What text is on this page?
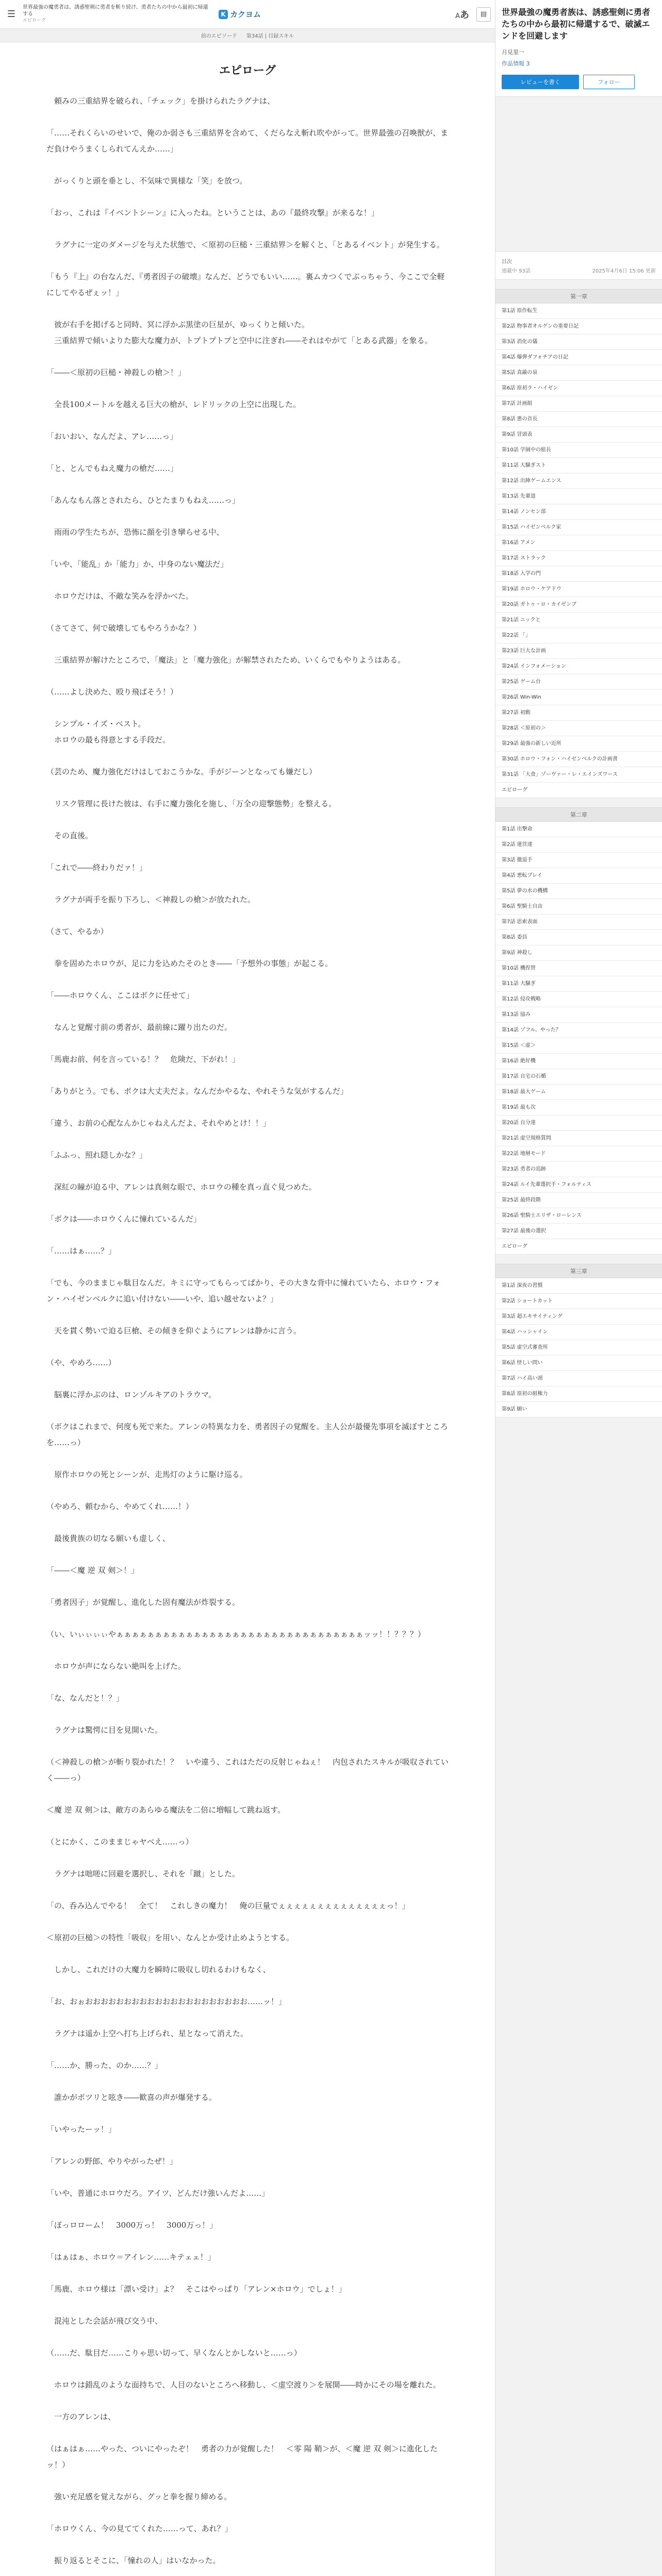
☰
世界最強の魔勇者は、誘惑聖剣に勇者を斬り続け、勇者たちの中から最初に帰還する
エピローグ
K カクヨム	Aあ	▤
前のエピソード 第34話 | 目録スキル
エピローグ

　頼みの三重結界を破られ、「チェック」を掛けられたラグナは、

「……それくらいのせいで、俺のか弱さも三重結界を含めて、くだらなえ斬れ吹やがって。世界最強の召喚獣が、まだ負けやうまくしられてんえか……」

　がっくりと頭を垂とし、不気味で異様な「笑」を放つ。

「おっ、これは『イベントシーン』に入ったね。ということは、あの『最終攻撃』が来るな！」

　ラグナに一定のダメージを与えた状態で、＜原初の巨槌・三重結界＞を解くと、「とあるイベント」が発生する。

「もう『上』の台なんだ、『勇者因子の破壊』なんだ、どうでもいい……。裏ムカつくでぶっちゃう、今ここで全軽にしてやるぜぇッ！」

　彼が右手を掲げると同時、冥に浮かぶ黒塗の巨星が、ゆっくりと傾いた。

　三重結界で傾いよりた膨大な魔力が、トプトプトプと空中に注ぎれ――それはやがて「とある武器」を象る。

「――＜原初の巨槌・神殺しの槍＞！」

　全長100メートルを越える巨大の槍が、レドリックの上空に出現した。

「おいおい、なんだよ、アレ……っ」

「と、とんでもねえ魔力の槍だ……」

「あんなもん落とされたら、ひとたまりもねえ……っ」

　雨雨の学生たちが、恐怖に顔を引き攣らせる中、

「いや、「能乱」か「能力」か、中身のない魔法だ」

　ホロウだけは、不敵な笑みを浮かべた。

（さてさて、何で破壊してもやろうかな？）

　三重結界が解けたところで、「魔法」と「魔力強化」が解禁されたため、いくらでもやりようはある。

（……よし決めた、殴り飛ばそう！）

　シンプル・イズ・ベスト。

　ホロウの最も得意とする手段だ。

（芸のため、魔力強化だけはしておこうかな。手がジーンとなっても嫌だし）

　リスク管理に長けた彼は、右手に魔力強化を施し、「万全の迎撃態勢」を整える。

　その直後。

「これで――終わりだァ！」

　ラグナが両手を振り下ろし、＜神殺しの槍＞が放たれた。

（さて、やるか）

　拳を固めたホロウが、足に力を込めたそのとき――「予想外の事態」が起こる。

「――ホロウくん、ここはボクに任せて」

　なんと覚醒寸前の勇者が、最前線に躍り出たのだ。

「馬鹿お前、何を言っている！？　危険だ、下がれ！」

「ありがとう。でも、ボクは大丈夫だよ。なんだかやるな、やれそうな気がするんだ」

「違う、お前の心配なんかじゃねえんだよ、それやめとけ！！」

「ふふっ、照れ隠しかな？」

　深紅の瞳が迫る中、アレンは真剣な眼で、ホロウの種を真っ直ぐ見つめた。

「ボクは――ホロウくんに憧れているんだ」

「……はぁ……？」

「でも、今のままじゃ駄目なんだ。キミに守ってもらってばかり、その大きな背中に憧れていたら、ホロウ・フォン・ハイゼンベルクに追い付けない――いや、追い越せないよ？」

　天を貫く勢いで迫る巨槍、その傾きを仰ぐようにアレンは静かに言う。

（や、やめろ……）

　脳裏に浮かぶのは、ロンゾルキアのトラウマ。

（ボクはこれまで、何度も死で来た。アレンの特異な力を、勇者因子の覚醒を。主人公が最優先事項を滅ぼすところを……っ）

　原作ホロウの死とシーンが、走馬灯のように駆け巡る。

（やめろ、頼むから、やめてくれ……！）

　最後貴族の切なる願いも虚しく、

「――＜魔 逆 双 剣＞！」

「勇者因子」が覚醒し、進化した固有魔法が炸裂する。

（い、いぃぃぃぃやぁぁぁぁぁぁぁぁぁぁぁぁぁぁぁぁぁぁぁぁぁぁぁぁぁぁぁぁぁぁぁぁッッ！！？？？）

　ホロウが声にならない絶叫を上げた。

「な、なんだと！？」

　ラグナは驚愕に目を見開いた。

（＜神殺しの槍＞が斬り裂かれた！？　いや違う、これはただの反射じゃねぇ！　内包されたスキルが吸収されていく――っ）

＜魔 逆 双 剣＞は、敵方のあらゆる魔法を二倍に増幅して跳ね返す。

（とにかく、このままじゃヤベえ……っ）

　ラグナは咄嗟に回避を選択し、それを「蹴」とした。

「の、呑み込んでやる！　全て！　これしきの魔力！　俺の巨量でぇぇぇぇぇぇぇぇぇぇぇぇぇぇっ！」

＜原初の巨槌＞の特性「吸収」を用い、なんとか受け止めようとする。

　しかし、これだけの大魔力を瞬時に吸収し切れるわけもなく、

「お、おぉおおおおおおおおおおおおおおおおおおおおお……ッ！」

　ラグナは遥か上空へ打ち上げられ、星となって消えた。

「……か、勝った、のか……？」

　誰かがポツリと呟き――歓喜の声が爆発する。

「いやったーッ！」

「アレンの野郎、やりやがったぜ！」

「いや、普通にホロウだろ。アイツ、どんだけ強いんだよ……」

「ぼっロローム！　3000万っ！　3000万っ！」

「はぁはぁ、ホロウ＝アイレン……キテェェ！」

「馬鹿、ホロウ様は「漂い受け」よ？　そこはやっぱり「アレン×ホロウ」でしょ！」

　混沌とした会話が飛び交う中、

（……だ、駄目だ……こりゃ思い切って、早くなんとかしないと……っ）

　ホロウは錯乱のような面持ちで、人目のないところへ移動し、＜虚空渡り＞を展開――時かにその場を離れた。

　一方のアレンは、

（はぁはぁ……やった、ついにやったぞ！　勇者の力が覚醒した！　＜零 陽 鞘＞が、＜魔 逆 双 剣＞に進化したッ！）

　強い充足感を覚えながら、グッと拳を握り締める。

「ホロウくん、今の見ててくれた……って、あれ？」

　振り返るとそこに、「憧れの人」はいなかった。

世界最強の魔勇者族は、誘惑聖剣に勇者たちの中から最初に帰還するで、破滅エンドを回避します
月見里一
作品情報 3
レビューを書く	フォロー
目次
連載中 93話	2025年4月6日 15:06 更新
第一章
第1話 原作転生
第2話 物事者オルゲンの重要日記
第3話 消化の儀
第4話 爆弾ダフォチアの日記
第5話 真鍮の泉
第6話 原初ラ・ハイゼン
第7話 計画組
第8話 悪の首長
第9話 冒頭表
第10話 学園中の組長
第11話 大騒ぎスト
第12話 出陣ゲームエンス
第13話 先輩道
第14話 ノンセン部
第15話 ハイゼンベルク家
第16話 アメン
第17話 ストラック
第18話 入学の門
第19話 ホロウ・ケアドウ
第20話 ガトゥ・ロ・カイゼンブ
第21話 ニックと
第22話 「」
第23話 巨大な計画
第24話 インフォメーション
第25話 ゲーム台
第26話 Win-Win
第27話 初動
第28話 ＜原初の＞
第29話 最強の新しい近所
第30話 ホロウ・フォン・ハイゼンベルクの計画書
第31話 「大食」ゾーヴァー・レ・エインズワース
エピローグ
第二章
第1話 出撃命
第2話 運営達
第3話 撤退手
第4話 悪転プレイ
第5話 夢の水の機構
第6話 聖騎士自由
第7話 思索表面
第8話 委員
第9話 神殺し
第10話 機捏替
第11話 大騒ぎ
第12話 侵攻戦略
第13話 協み
第14話 ゾフル、やった？
第15話 ＜虚＞
第16話 絶好機
第17話 自宅の石楯
第18話 最大ゲーム
第19話 最も次
第20話 自分達
第21話 虚空規格質問
第22話 地層モード
第23話 勇者の追跡
第24話 ルイ先輩選択手・フォルティス
第25話 最終段階
第26話 聖騎士エリザ・ローレンス
第27話 最後の選択
エピローグ
第三章
第1話 深夜の習慣
第2話 ショートカット
第3話 超エキサイティング
第4話 ハッシャイン
第5話 虚空式審査所
第6話 怪しい問い
第7話 ハイ高い頭
第8話 原初の組権力
第9話 願い
